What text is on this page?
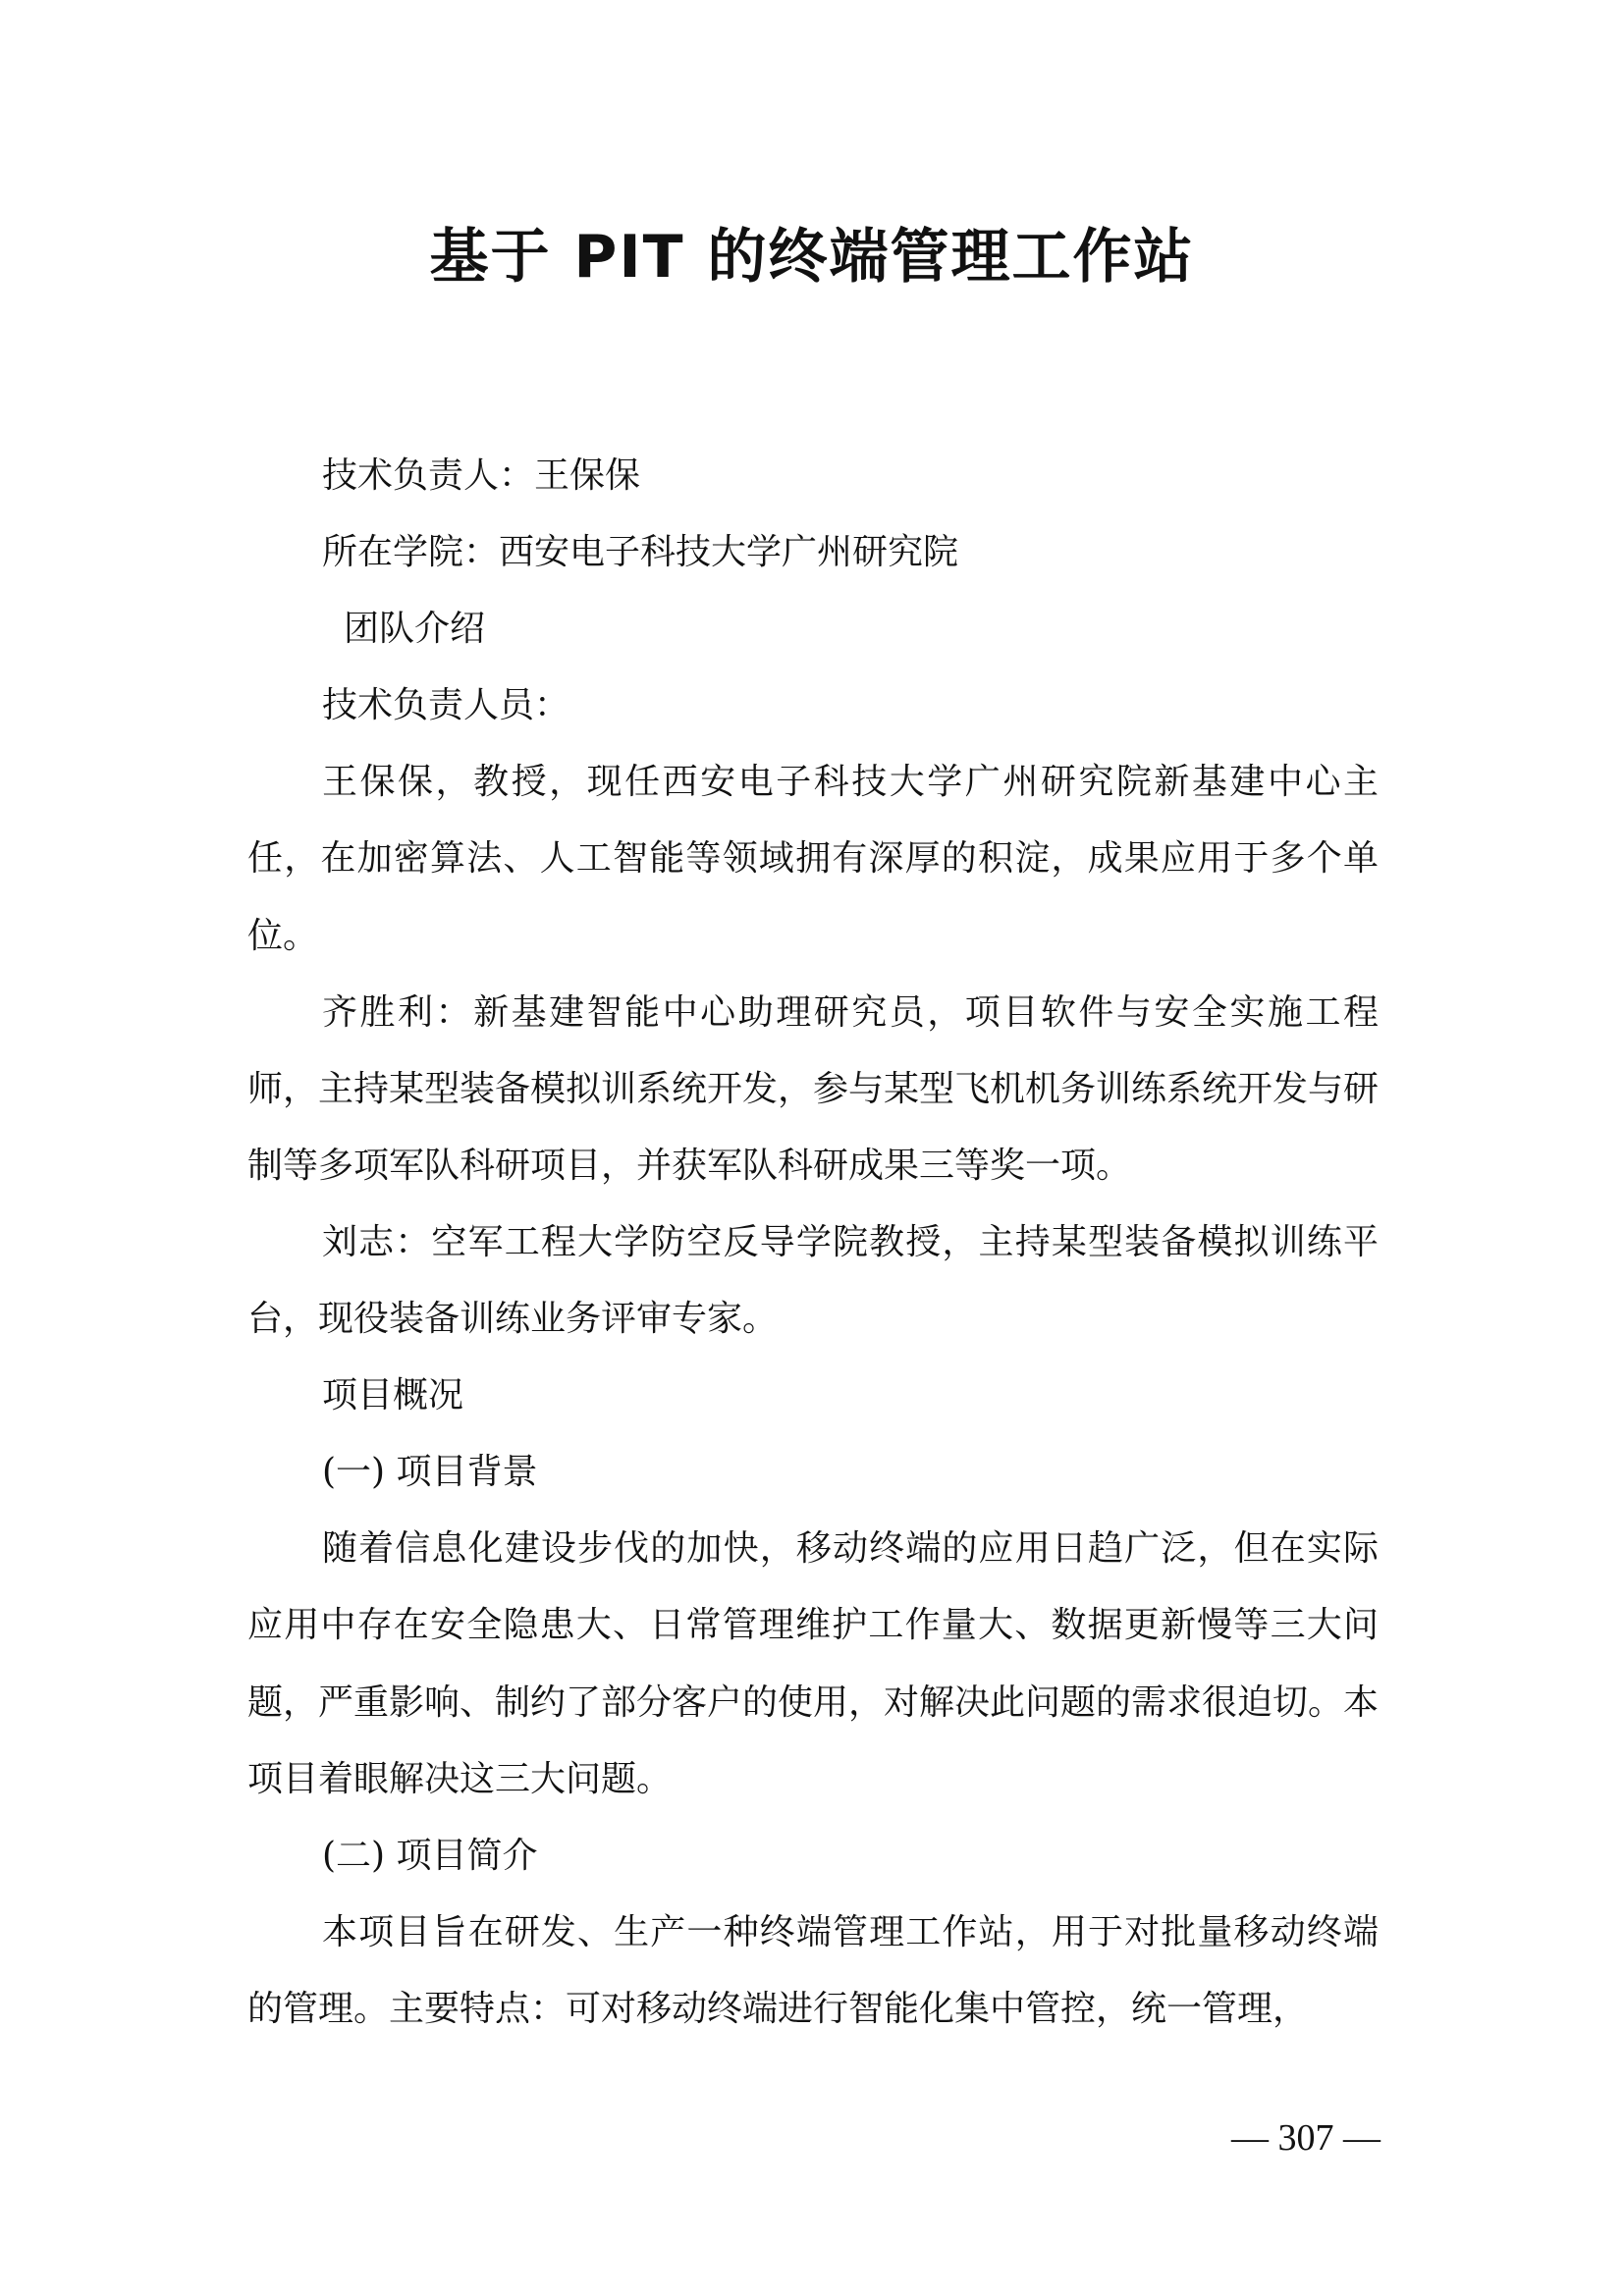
基于 PIT 的终端管理工作站

技术负责人：王保保

所在学院：西安电子科技大学广州研究院

团队介绍

技术负责人员：

王保保，教授，现任西安电子科技大学广州研究院新基建中心主任，在加密算法、人工智能等领域拥有深厚的积淀，成果应用于多个单位。

齐胜利：新基建智能中心助理研究员，项目软件与安全实施工程师，主持某型装备模拟训系统开发，参与某型飞机机务训练系统开发与研制等多项军队科研项目，并获军队科研成果三等奖一项。

刘志：空军工程大学防空反导学院教授，主持某型装备模拟训练平台，现役装备训练业务评审专家。

项目概况

(一) 项目背景

随着信息化建设步伐的加快，移动终端的应用日趋广泛，但在实际应用中存在安全隐患大、日常管理维护工作量大、数据更新慢等三大问题，严重影响、制约了部分客户的使用，对解决此问题的需求很迫切。本项目着眼解决这三大问题。

(二) 项目简介

本项目旨在研发、生产一种终端管理工作站，用于对批量移动终端的管理。主要特点：可对移动终端进行智能化集中管控，统一管理，

— 307 —
